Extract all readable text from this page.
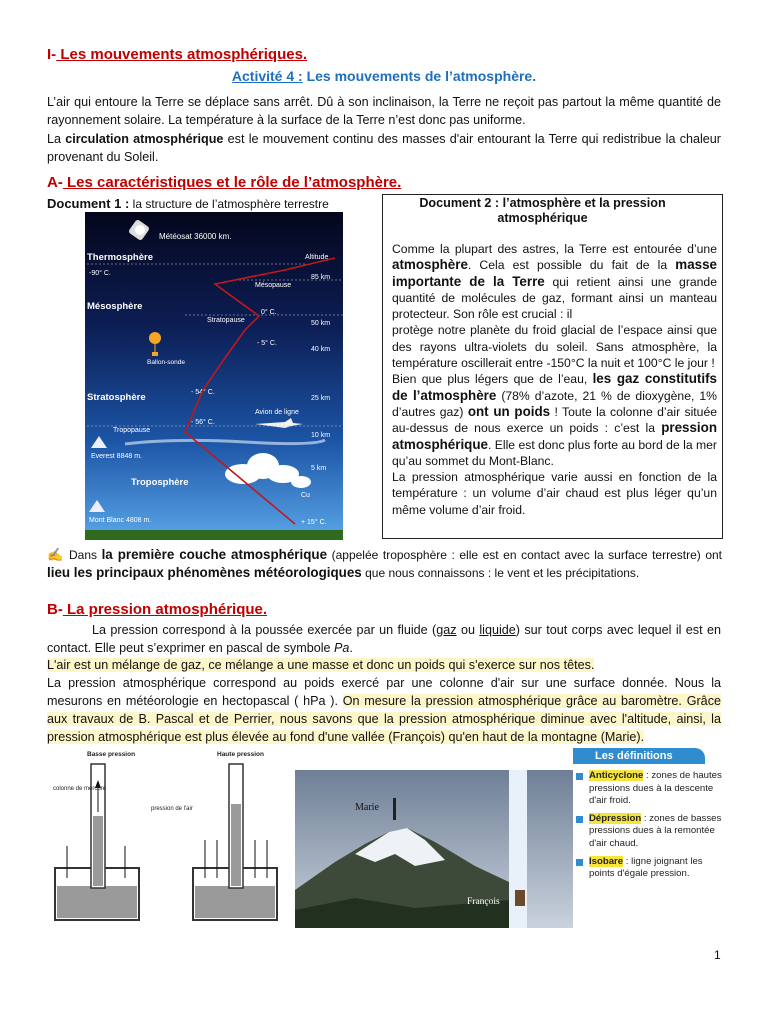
I- Les mouvements atmosphériques.
Activité 4 : Les mouvements de l’atmosphère.
L’air qui entoure la Terre se déplace sans arrêt. Dû à son inclinaison, la Terre ne reçoit pas partout la même quantité de rayonnement solaire. La température à la surface de la Terre n’est donc pas uniforme.
La circulation atmosphérique est le mouvement continu des masses d'air entourant la Terre qui redistribue la chaleur provenant du Soleil.
A- Les caractéristiques et le rôle de l’atmosphère.
Document 1 : la structure de l’atmosphère terrestre
Météosat 36000 km.
Thermosphère	Altitude
-90° C.
85 km
Mésopause
Mésosphère
0° C.
Stratopause	50 km
- 5° C.
40 km
Ballon-sonde
Stratosphère	- 54° C.
25 km
- 56° C.
Avion de ligne
Tropopause
10 km
Everest 8848 m.
5 km
Troposphère
Cu
Mont Blanc 4808 m.	+ 15° C.
Document 2 : l’atmosphère et la pression atmosphérique
Comme la plupart des astres, la Terre est entourée d’une atmosphère. Cela est possible du fait de la masse importante de la Terre qui retient ainsi une grande quantité de molécules de gaz, formant ainsi un manteau protecteur. Son rôle est crucial : il
protège notre planète du froid glacial de l’espace ainsi que des rayons ultra-violets du soleil. Sans atmosphère, la température oscillerait entre -150°C la nuit et 100°C le jour !
Bien que plus légers que de l’eau, les gaz constitutifs de l’atmosphère (78% d’azote, 21 % de dioxygène, 1% d’autres gaz) ont un poids ! Toute la colonne d’air située au-dessus de nous exerce un poids : c’est la pression atmosphérique. Elle est donc plus forte au bord de la mer qu’au sommet du Mont-Blanc.
La pression atmosphérique varie aussi en fonction de la température : un volume d’air chaud est plus léger qu’un même volume d’air froid.
✍ Dans la première couche atmosphérique (appelée troposphère : elle est en contact avec la surface terrestre) ont lieu les principaux phénomènes météorologiques que nous connaissons : le vent et les précipitations.
B- La pression atmosphérique.
La pression correspond à la poussée exercée par un fluide (gaz ou liquide) sur tout corps avec lequel il est en contact. Elle peut s’exprimer en pascal de symbole Pa.
L'air est un mélange de gaz, ce mélange a une masse et donc un poids qui s'exerce sur nos têtes.
La pression atmosphérique correspond au poids exercé par une colonne d'air sur une surface donnée. Nous la mesurons en météorologie en hectopascal ( hPa ). On mesure la pression atmosphérique grâce au baromètre. Grâce aux travaux de B. Pascal et de Perrier, nous savons que la pression atmosphérique diminue avec l'altitude, ainsi, la pression atmosphérique est plus élevée au fond d'une vallée (François) qu'en haut de la montagne (Marie).
Basse pression	Haute pression
colonne de mercure
mercure
pression de l'air
mercure
Marie
François
Les définitions
Anticyclone : zones de hautes pressions dues à la descente d'air froid.
Dépression : zones de basses pressions dues à la remontée d'air chaud.
Isobare : ligne joignant les points d'égale pression.
1
